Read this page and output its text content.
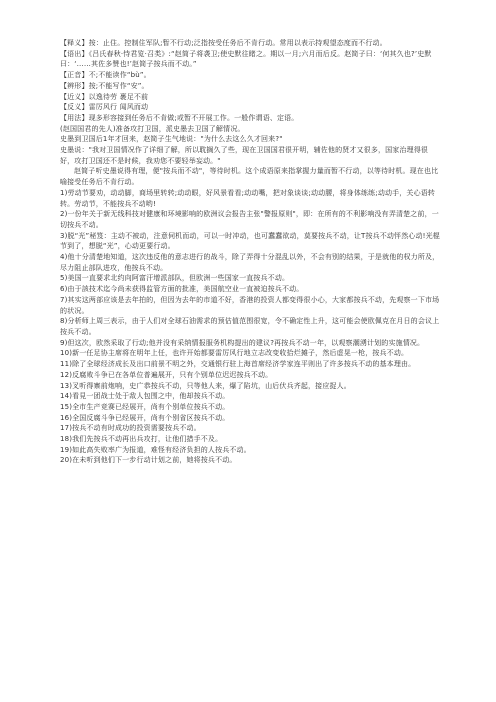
【释义】按：止住。控制住军队;暂不行动;泛指按受任务后不肯行动。常用以表示持观望态度而不行动。

【语出】《吕氏春秋·恃君览·召类》:“赵简子将袭卫;使史默往睹之。期以一月;六月而后反。赵简子曰：‘何其久也?’史默曰：‘……其佐多赞也!’赵简子按兵而不动。”

【正音】不;不能读作“bù”。

【辨形】按;不能写作“安”。

【近义】以逸待劳 裹足不前

【反义】雷厉风行 闻风而动

【用法】现多形容接到任务后不肯做;或暂不开展工作。一般作谓语、定语。

(赵国国君的先人)准备攻打卫国，派史墨去卫国了解情况。

史墨到卫国后1年才回来，赵简子生气地说："为什么去这么久才回来?"

史墨说："我对卫国情况作了详细了解，所以耽搁久了些，现在卫国国君很开明，辅佐他的贤才又很多，国家治理得很好，攻打卫国还不是时候，我劝您不要轻举妄动。"

赵简子听史墨说得有理，便"按兵而不动"，等待时机。这个成语原来指掌握力量而暂不行动，以等待时机。现在也比喻接受任务后不肯行动。

1)劳动节要劝，动动脚，商场里转转;动动眼，好风景看看;动动嘴，把对象谈谈;动动腰，将身体练练;动动手，关心语转转。劳动节，不能按兵不动哟!

2)一份年关于新无线科技对健康和环境影响的欧洲议会报告主张"警报原则"，即：在所有的不利影响没有弄清楚之前，一切按兵不动。

3)脱“光”秘笈：主动不被动，注意伺机而动，可以一时冲动，也可蠢蠢欲动，莫要按兵不动，让T按兵不动怦然心动!光棍节到了，想脱“光”，心动更要行动。

4)他十分清楚地知道，这次违反他的意志进行的战斗，除了弄得十分混乱以外，不会有别的结果，于是就他的权力所及，尽力阻止部队进攻，他按兵不动。

5)美国一直要求北约向阿富汗增派部队，但欧洲一些国家一直按兵不动。

6)由于該技术迄今尚未获得监管方面的批准，美国航空业一直被迫按兵不动。

7)其实这两部应该是去年拍的，但因为去年的市道不好，香港的投资人都变得很小心，大家都按兵不动，先观察一下市场的状况。

8)分析师上周三表示，由于人们对全球石油需求的预估值范围很宽，令不确定性上升，这可能会使欧佩克在月日的会议上按兵不动。

9)但这次，欧然采取了行动;他并没有采纳情报服务机构提出的建议?再按兵不动一年，以观察潮湧计划的实施情况。

10)新一任足协主席将在明年上任，也许开始都要雷厉风行地立志改变收拾烂摊子，然后虚晃一枪，按兵不动。

11)除了全球经济成长及出口前景不明之外，交通银行驻上海首席经济学家连平则出了许多按兵不动的基本理由。

12)反腐败斗争已在各单位普遍展开，只有个别单位迟迟按兵不动。

13)叉听得寨前炮响，史广恭按兵不动，只等他人来，爆了陷坑，山后伏兵齐起，接应捉人。

14)看見一团战士处于敌人包围之中，他却按兵不动。

15)全市生产竞赛已经展开，尚有个别单位按兵不动。

16)全国反腐斗争已经展开，尚有个别省区按兵不动。

17)按兵不动有时成功的投资需要按兵不动。

18)我们先按兵不动再出兵攻打，让他们措手不及。

19)如此高失败率广为报道，难怪有经济负担的人按兵不动。

20)在未听到他们下一步行动计划之前，她将按兵不动。
